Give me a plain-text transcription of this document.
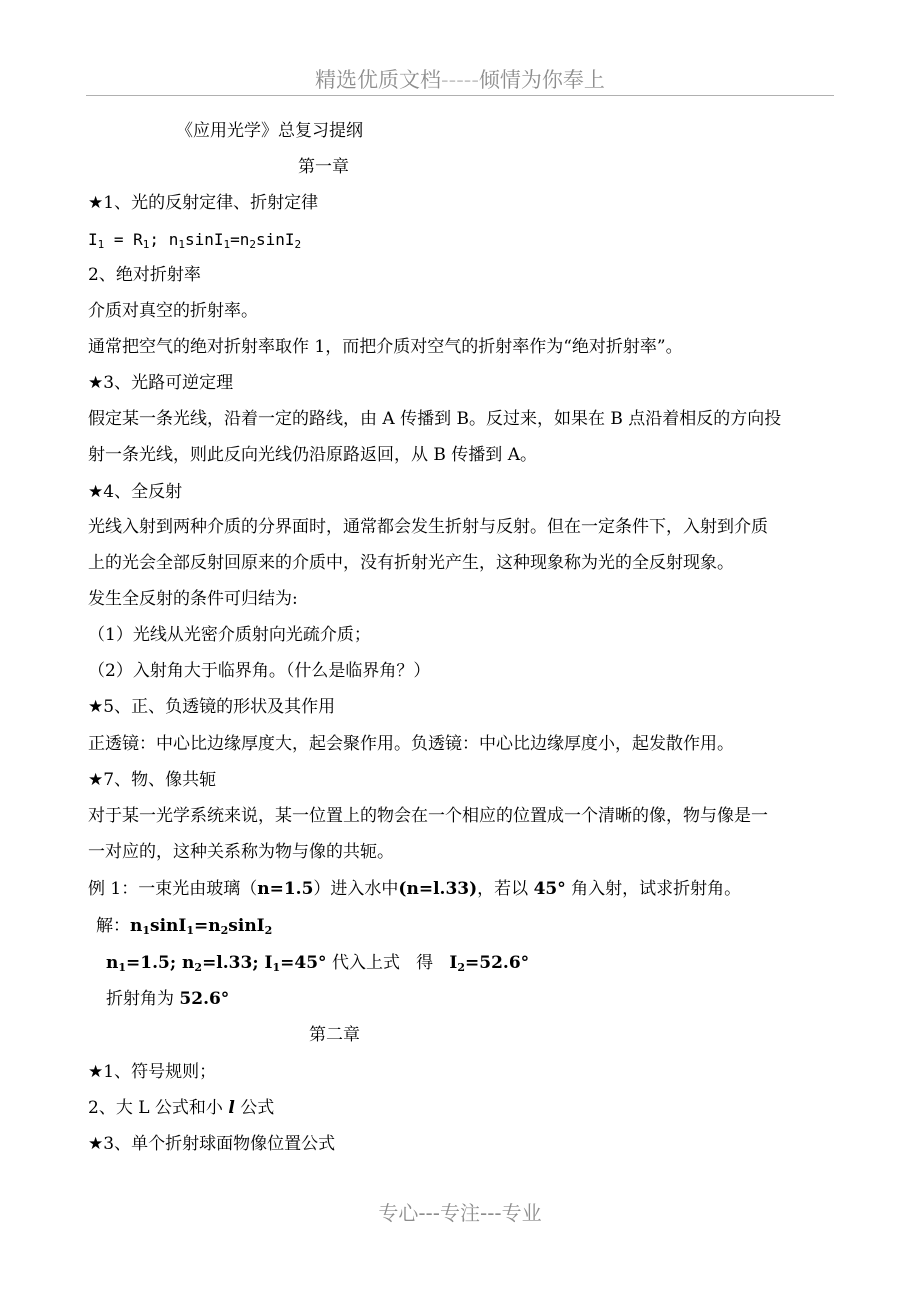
精选优质文档-----倾情为你奉上
《应用光学》总复习提纲
第一章
★1、光的反射定律、折射定律
$I_1 = R_1$; $n_1\sin I_1=n_2\sin I_2$
2、绝对折射率
介质对真空的折射率。
通常把空气的绝对折射率取作 1，而把介质对空气的折射率作为“绝对折射率”。
★3、光路可逆定理
假定某一条光线，沿着一定的路线，由 A 传播到 B。反过来，如果在 B 点沿着相反的方向投
射一条光线，则此反向光线仍沿原路返回，从 B 传播到 A。
★4、全反射
光线入射到两种介质的分界面时，通常都会发生折射与反射。但在一定条件下，入射到介质
上的光会全部反射回原来的介质中，没有折射光产生，这种现象称为光的全反射现象。
发生全反射的条件可归结为:
（1）光线从光密介质射向光疏介质；
（2）入射角大于临界角。（什么是临界角？）
★5、正、负透镜的形状及其作用
正透镜：中心比边缘厚度大，起会聚作用。负透镜：中心比边缘厚度小，起发散作用。
★7、物、像共轭
对于某一光学系统来说，某一位置上的物会在一个相应的位置成一个清晰的像，物与像是一
一对应的，这种关系称为物与像的共轭。
例 1：一束光由玻璃（n=1.5）进入水中(n=l.33)，若以 45° 角入射，试求折射角。
解：$n_1\sin I_1=n_2\sin I_2$
$n_1=1.5$; $n_2=l.33$; $I_1=45^\circ$ 代入上式   得   $I_2=52.6^\circ$
折射角为 52.6°
第二章
★1、符号规则；
2、大 L 公式和小 l 公式
★3、单个折射球面物像位置公式
专心---专注---专业
